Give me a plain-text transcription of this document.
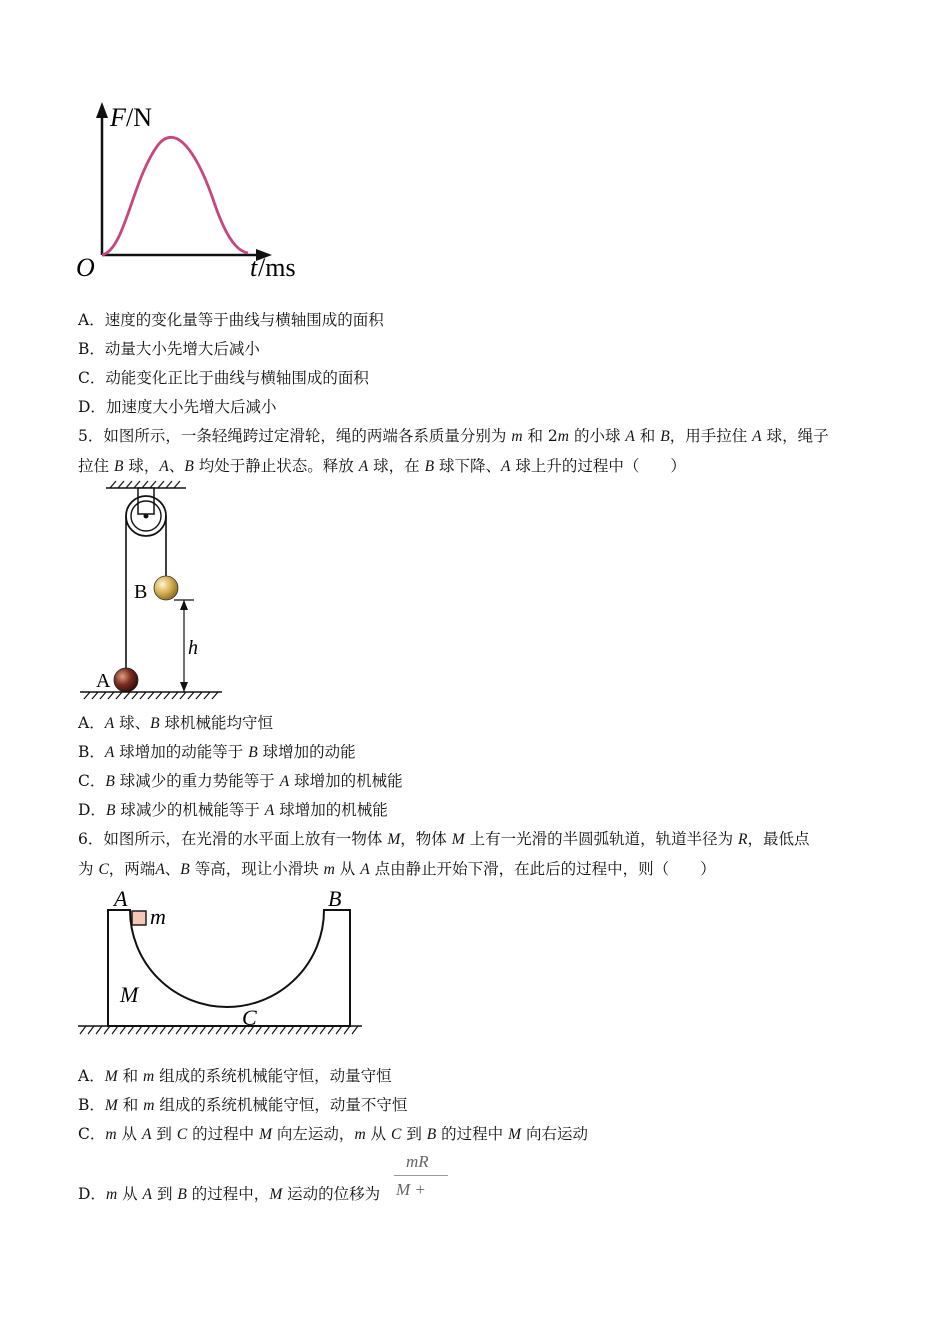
F /N
O	t /ms
A．速度的变化量等于曲线与横轴围成的面积
B．动量大小先增大后减小
C．动能变化正比于曲线与横轴围成的面积
D．加速度大小先增大后减小
5．如图所示，一条轻绳跨过定滑轮，绳的两端各系质量分别为 m 和 2m 的小球 A 和 B，用手拉住 A 球，绳子
拉住 B 球，A、B 均处于静止状态。释放 A 球，在 B 球下降、A 球上升的过程中（　　）
B
A
h
A．A 球、B 球机械能均守恒
B．A 球增加的动能等于 B 球增加的动能
C．B 球减少的重力势能等于 A 球增加的机械能
D．B 球减少的机械能等于 A 球增加的机械能
6．如图所示，在光滑的水平面上放有一物体 M，物体 M 上有一光滑的半圆弧轨道，轨道半径为 R，最低点
为 C，两端A、B 等高，现让小滑块 m 从 A 点由静止开始下滑，在此后的过程中，则（　　）
A	B
m
M
C
A．M 和 m 组成的系统机械能守恒，动量守恒
B．M 和 m 组成的系统机械能守恒，动量不守恒
C．m 从 A 到 C 的过程中 M 向左运动，m 从 C 到 B 的过程中 M 向右运动
D．m 从 A 到 B 的过程中，M 运动的位移为
mR
M +
